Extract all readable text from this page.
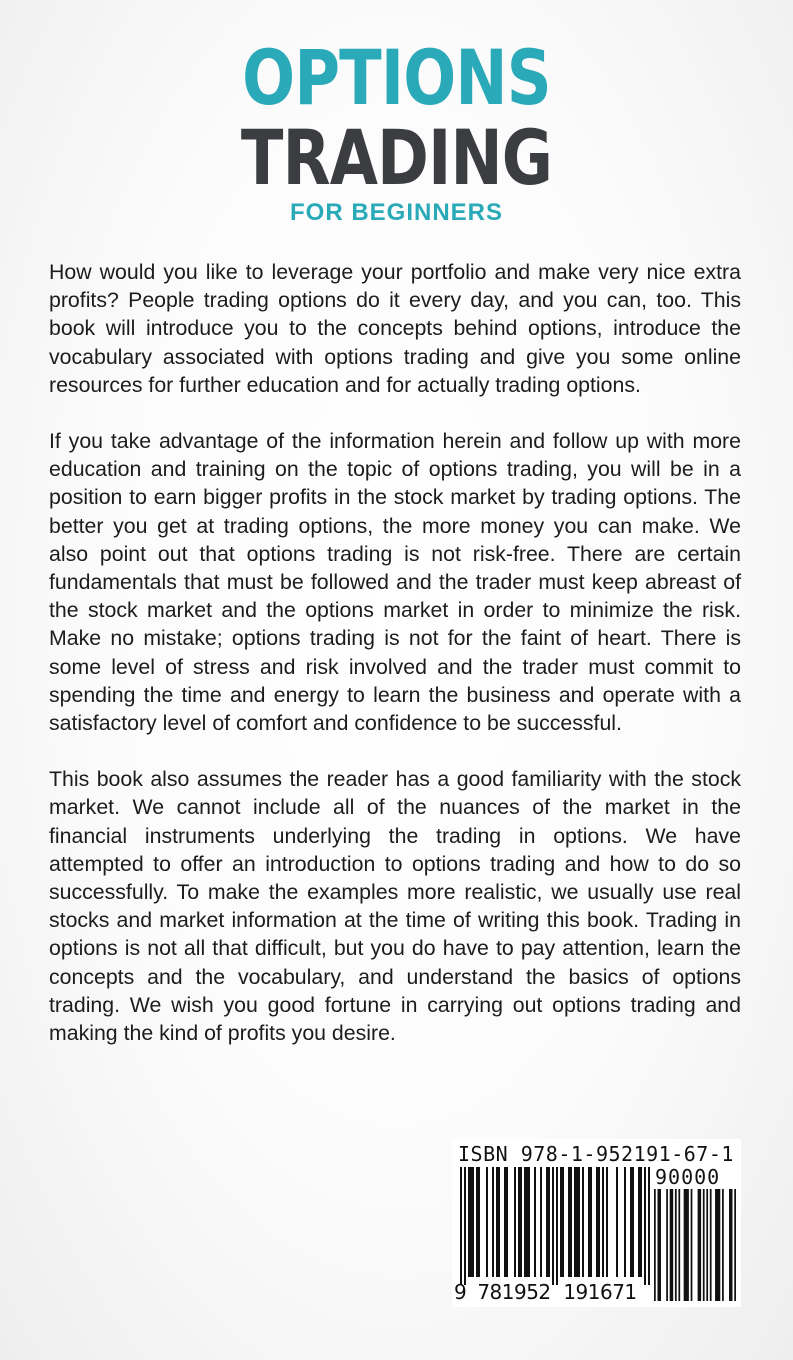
OPTIONS
TRADING
FOR BEGINNERS

How would you like to leverage your portfolio and make very nice extra profits? People trading options do it every day, and you can, too. This book will introduce you to the concepts behind options, introduce the vocabulary associated with options trading and give you some online resources for further education and for actually trading options.

If you take advantage of the information herein and follow up with more education and training on the topic of options trading, you will be in a position to earn bigger profits in the stock market by trading options. The better you get at trading options, the more money you can make. We also point out that options trading is not risk-free. There are certain fundamentals that must be followed and the trader must keep abreast of the stock market and the options market in order to minimize the risk. Make no mistake; options trading is not for the faint of heart. There is some level of stress and risk involved and the trader must commit to spending the time and energy to learn the business and operate with a satisfactory level of comfort and confidence to be successful.

This book also assumes the reader has a good familiarity with the stock market. We cannot include all of the nuances of the market in the financial instruments underlying the trading in options. We have attempted to offer an introduction to options trading and how to do so successfully. To make the examples more realistic, we usually use real stocks and market information at the time of writing this book. Trading in options is not all that difficult, but you do have to pay attention, learn the concepts and the vocabulary, and understand the basics of options trading. We wish you good fortune in carrying out options trading and making the kind of profits you desire.

ISBN 978-1-952191-67-1
90000
9 781952 191671
